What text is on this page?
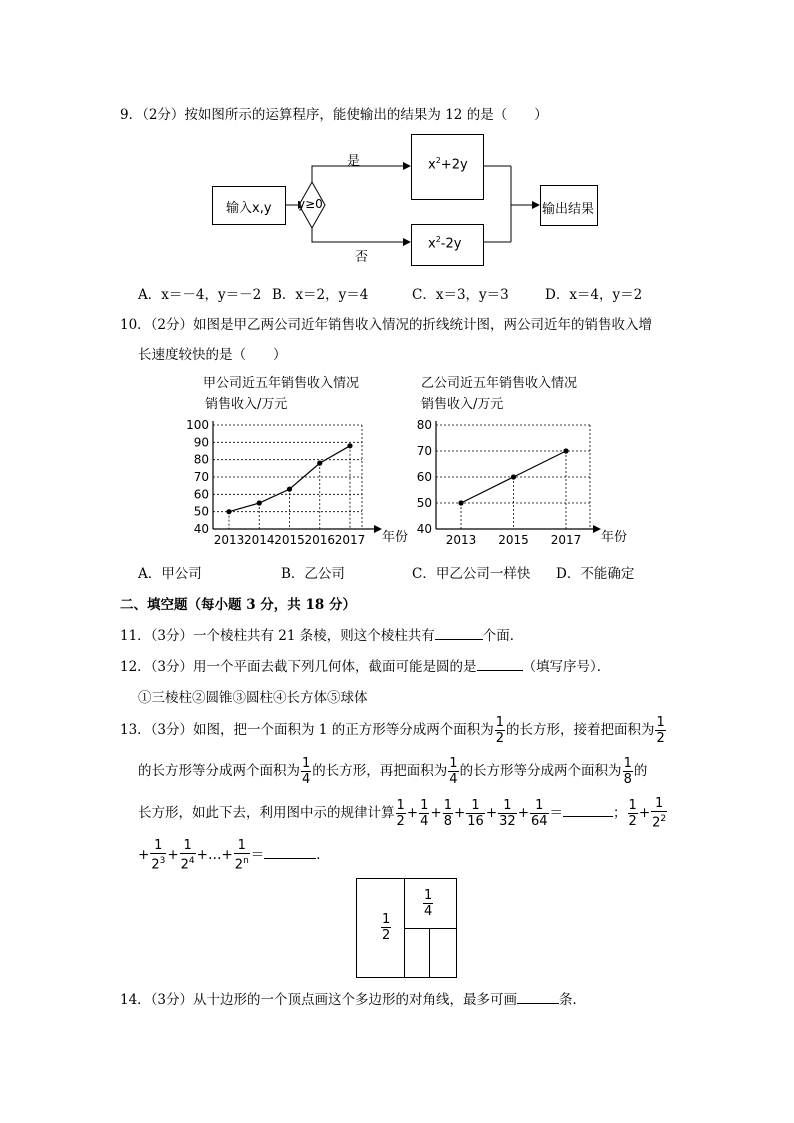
9．（2分）按如图所示的运算程序，能使输出的结果为 12 的是（　　）
输入x,y y≥0
是
否
$x^2+2y$
$x^2-2y$
输出结果
A．x＝－4，y＝－2 B．x＝2，y＝4	C．x＝3，y＝3	D．x＝4，y＝2
10．（2分）如图是甲乙两公司近年销售收入情况的折线统计图，两公司近年的销售收入增
长速度较快的是（　　）
甲公司近五年销售收入情况
销售收入/万元
40
50
60
70
80
90
100
2013 2014 2015 2016 2017 年份
乙公司近五年销售收入情况
销售收入/万元
40
50
60
70
80
2013 2015 2017 年份
A．甲公司	B．乙公司	C．甲乙公司一样快 D．不能确定
二、填空题（每小题 3 分，共 18 分）
11．（3分）一个棱柱共有 21 条棱，则这个棱柱共有	个面．
12．（3分）用一个平面去截下列几何体，截面可能是圆的是	（填写序号）．
①三棱柱②圆锥③圆柱④长方体⑤球体
13．（3分）如图，把一个面积为 1 的正方形等分成两个面积为 $\frac{1}{2}$ 的长方形，接着把面积为 $\frac{1}{2}$
的长方形等分成两个面积为 $\frac{1}{4}$ 的长方形，再把面积为 $\frac{1}{4}$ 的长方形等分成两个面积为 $\frac{1}{8}$ 的
长方形，如此下去，利用图中示的规律计算 $\frac{1}{2} + \frac{1}{4} + \frac{1}{8} + \frac{1}{16} + \frac{1}{32} + \frac{1}{64}$ ＝	； $\frac{1}{2} + \frac{1}{2^2}$
+ $\frac{1}{2^3} + \frac{1}{2^4}$ +…+ $\frac{1}{2^n}$ ＝	．
$\frac{1}{2}$
$\frac{1}{4}$
14．（3分）从十边形的一个顶点画这个多边形的对角线，最多可画	条．
